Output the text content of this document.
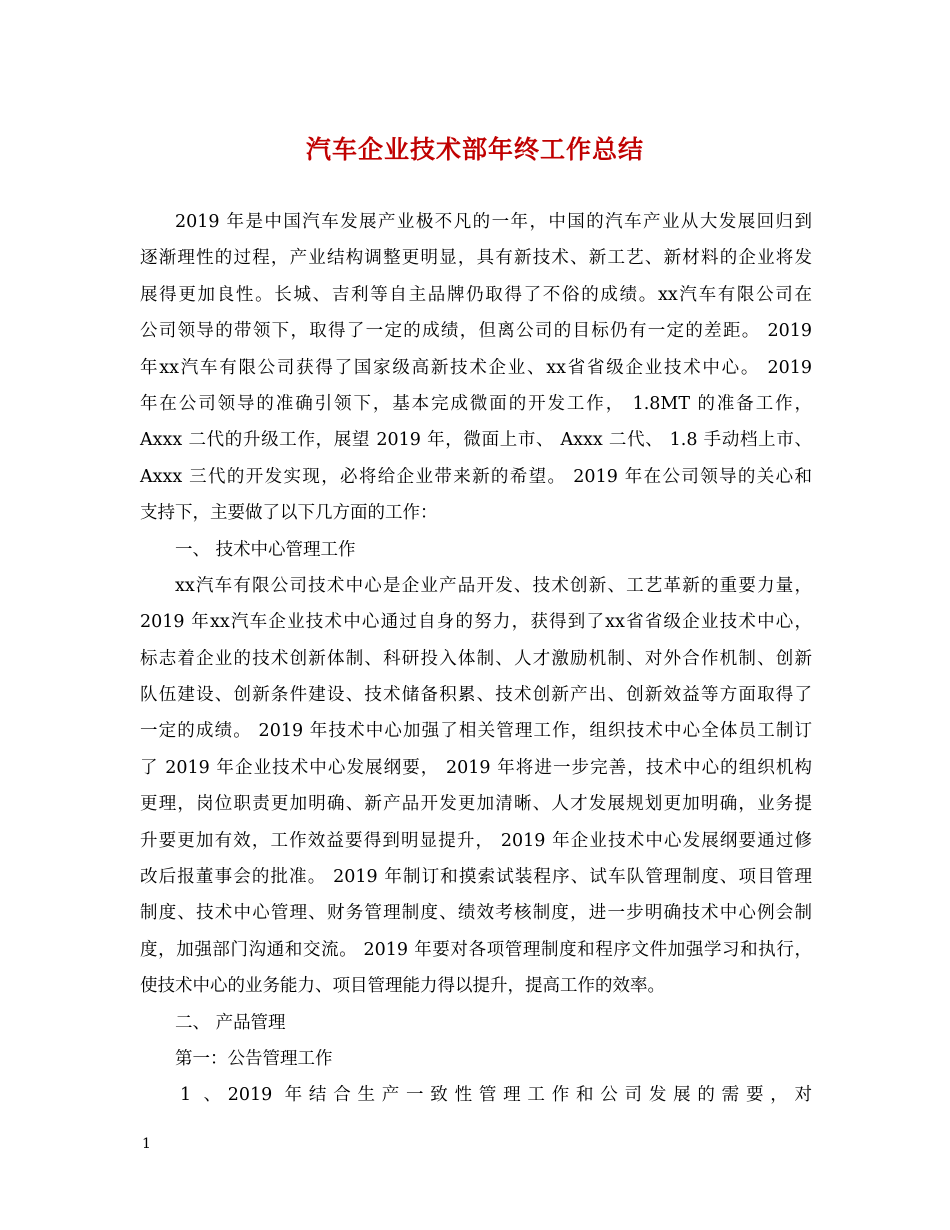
汽车企业技术部年终工作总结
2019 年是中国汽车发展产业极不凡的一年，中国的汽车产业从大发展回归到
逐渐理性的过程，产业结构调整更明显，具有新技术、新工艺、新材料的企业将发
展得更加良性。长城、吉利等自主品牌仍取得了不俗的成绩。xx汽车有限公司在
公司领导的带领下，取得了一定的成绩，但离公司的目标仍有一定的差距。 2019
年xx汽车有限公司获得了国家级高新技术企业、xx省省级企业技术中心。 2019
年在公司领导的准确引领下，基本完成微面的开发工作， 1.8MT 的准备工作，
Axxx 二代的升级工作，展望 2019 年，微面上市、 Axxx 二代、 1.8 手动档上市、
Axxx 三代的开发实现，必将给企业带来新的希望。 2019 年在公司领导的关心和
支持下，主要做了以下几方面的工作：
一、 技术中心管理工作
xx汽车有限公司技术中心是企业产品开发、技术创新、工艺革新的重要力量，
2019 年xx汽车企业技术中心通过自身的努力，获得到了xx省省级企业技术中心，
标志着企业的技术创新体制、科研投入体制、人才激励机制、对外合作机制、创新
队伍建设、创新条件建设、技术储备积累、技术创新产出、创新效益等方面取得了
一定的成绩。 2019 年技术中心加强了相关管理工作，组织技术中心全体员工制订
了 2019 年企业技术中心发展纲要， 2019 年将进一步完善，技术中心的组织机构
更理，岗位职责更加明确、新产品开发更加清晰、人才发展规划更加明确，业务提
升要更加有效，工作效益要得到明显提升， 2019 年企业技术中心发展纲要通过修
改后报董事会的批准。 2019 年制订和摸索试装程序、试车队管理制度、项目管理
制度、技术中心管理、财务管理制度、绩效考核制度，进一步明确技术中心例会制
度，加强部门沟通和交流。 2019 年要对各项管理制度和程序文件加强学习和执行，
使技术中心的业务能力、项目管理能力得以提升，提高工作的效率。
二、 产品管理
第一：公告管理工作
1 、2019 年结合生产一致性管理工作和公司发展的需要，对
1
